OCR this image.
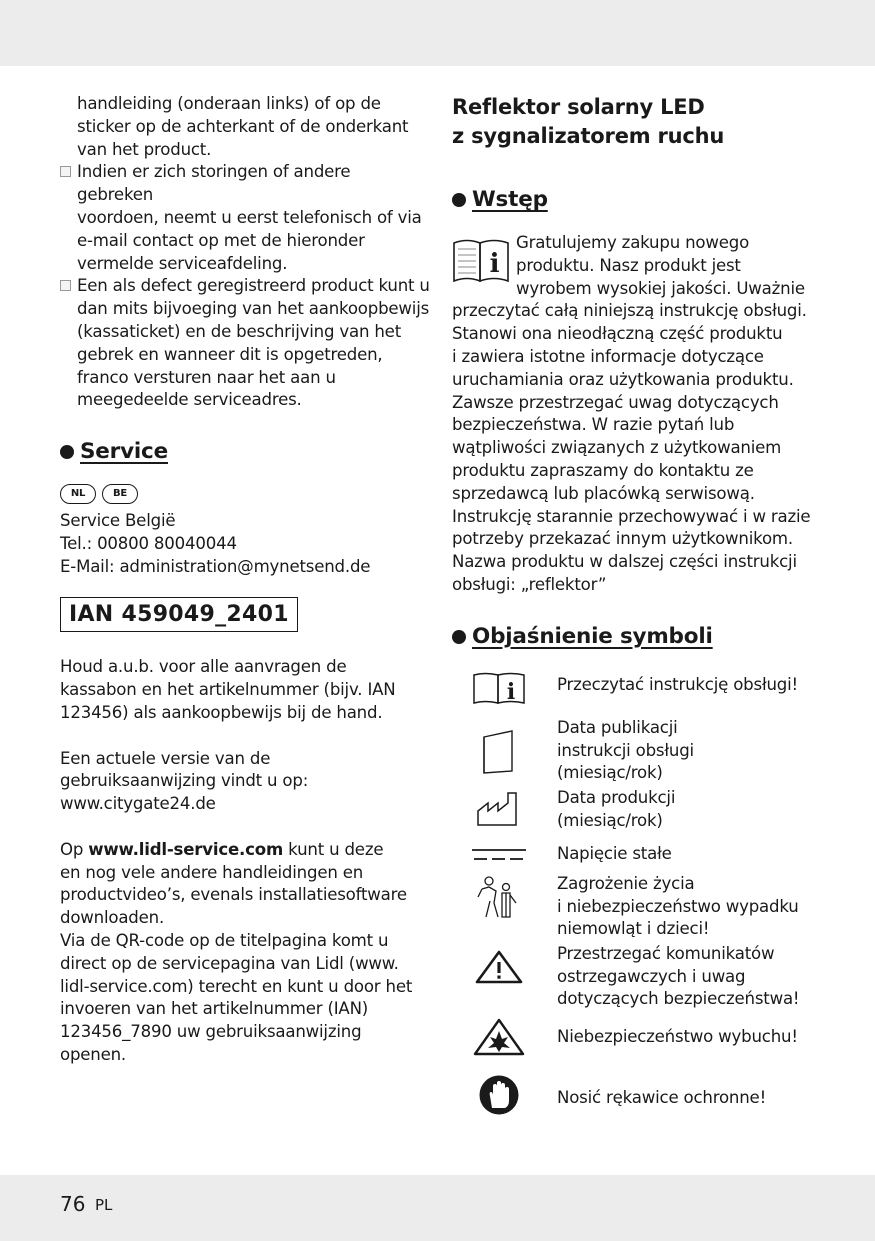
handleiding (onderaan links) of op de
sticker op de achterkant of de onderkant
van het product.
Indien er zich storingen of andere gebreken
voordoen, neemt u eerst telefonisch of via
e-mail contact op met de hieronder
vermelde serviceafdeling.
Een als defect geregistreerd product kunt u
dan mits bijvoeging van het aankoopbewijs
(kassaticket) en de beschrijving van het
gebrek en wanneer dit is opgetreden,
franco versturen naar het aan u
meegedeelde serviceadres.
Service
NL	BE
Service België
Tel.: 00800 80040044
E-Mail: administration@mynetsend.de
IAN 459049_2401
Houd a.u.b. voor alle aanvragen de
kassabon en het artikelnummer (bijv. IAN
123456) als aankoopbewijs bij de hand.
Een actuele versie van de
gebruiksaanwijzing vindt u op:
www.citygate24.de
Op www.lidl-service.com kunt u deze
en nog vele andere handleidingen en
productvideo’s, evenals installatiesoftware
downloaden.
Via de QR-code op de titelpagina komt u
direct op de servicepagina van Lidl (www.
lidl-service.com) terecht en kunt u door het
invoeren van het artikelnummer (IAN)
123456_7890 uw gebruiksaanwijzing
openen.
Reflektor solarny LED
z sygnalizatorem ruchu
Wstęp
i
Gratulujemy zakupu nowego
produktu. Nasz produkt jest
wyrobem wysokiej jakości. Uważnie
przeczytać całą niniejszą instrukcję obsługi.
Stanowi ona nieodłączną część produktu
i zawiera istotne informacje dotyczące
uruchamiania oraz użytkowania produktu.
Zawsze przestrzegać uwag dotyczących
bezpieczeństwa. W razie pytań lub
wątpliwości związanych z użytkowaniem
produktu zapraszamy do kontaktu ze
sprzedawcą lub placówką serwisową.
Instrukcję starannie przechowywać i w razie
potrzeby przekazać innym użytkownikom.
Nazwa produktu w dalszej części instrukcji
obsługi: „reflektor”
Objaśnienie symboli
i	Przeczytać instrukcję obsługi!
Data publikacji
instrukcji obsługi
(miesiąc/rok)
Data produkcji
(miesiąc/rok)
Napięcie stałe
Zagrożenie życia
i niebezpieczeństwo wypadku
niemowląt i dzieci!
Przestrzegać komunikatów
ostrzegawczych i uwag
dotyczących bezpieczeństwa!
Niebezpieczeństwo wybuchu!
Nosić rękawice ochronne!
76 PL
